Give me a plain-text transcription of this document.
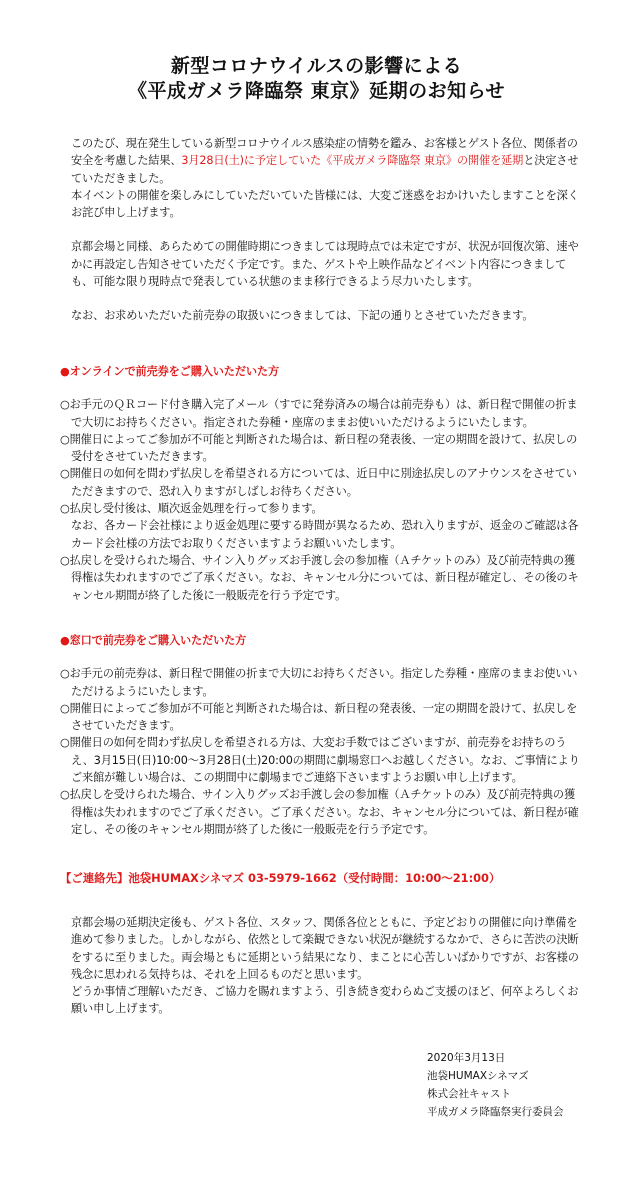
新型コロナウイルスの影響による
《平成ガメラ降臨祭 東京》延期のお知らせ

このたび、現在発生している新型コロナウイルス感染症の情勢を鑑み、お客様とゲスト各位、関係者の安全を考慮した結果、3月28日(土)に予定していた《平成ガメラ降臨祭 東京》の開催を延期と決定させていただきました。

本イベントの開催を楽しみにしていただいていた皆様には、大変ご迷惑をおかけいたしますことを深くお詫び申し上げます。

京都会場と同様、あらためての開催時期につきましては現時点では未定ですが、状況が回復次第、速やかに再設定し告知させていただく予定です。また、ゲストや上映作品などイベント内容につきましても、可能な限り現時点で発表している状態のまま移行できるよう尽力いたします。

なお、お求めいただいた前売券の取扱いにつきましては、下記の通りとさせていただきます。

●オンラインで前売券をご購入いただいた方

○お手元のＱＲコード付き購入完了メール（すでに発券済みの場合は前売券も）は、新日程で開催の折まで大切にお持ちください。指定された券種・座席のままお使いいただけるようにいたします。

○開催日によってご参加が不可能と判断された場合は、新日程の発表後、一定の期間を設けて、払戻しの受付をさせていただきます。

○開催日の如何を問わず払戻しを希望される方については、近日中に別途払戻しのアナウンスをさせていただきますので、恐れ入りますがしばしお待ちください。

○払戻し受付後は、順次返金処理を行って参ります。

なお、各カード会社様により返金処理に要する時間が異なるため、恐れ入りますが、返金のご確認は各カード会社様の方法でお取りくださいますようお願いいたします。

○払戻しを受けられた場合、サイン入りグッズお手渡し会の参加権（Ａチケットのみ）及び前売特典の獲得権は失われますのでご了承ください。なお、キャンセル分については、新日程が確定し、その後のキャンセル期間が終了した後に一般販売を行う予定です。

●窓口で前売券をご購入いただいた方

○お手元の前売券は、新日程で開催の折まで大切にお持ちください。指定した券種・座席のままお使いいただけるようにいたします。

○開催日によってご参加が不可能と判断された場合は、新日程の発表後、一定の期間を設けて、払戻しをさせていただきます。

○開催日の如何を問わず払戻しを希望される方は、大変お手数ではございますが、前売券をお持ちのうえ、3月15日(日)10:00〜3月28日(土)20:00の期間に劇場窓口へお越しください。なお、ご事情によりご来館が難しい場合は、この期間中に劇場までご連絡下さいますようお願い申し上げます。

○払戻しを受けられた場合、サイン入りグッズお手渡し会の参加権（Ａチケットのみ）及び前売特典の獲得権は失われますのでご了承ください。ご了承ください。なお、キャンセル分については、新日程が確定し、その後のキャンセル期間が終了した後に一般販売を行う予定です。

【ご連絡先】池袋HUMAXシネマズ 03-5979-1662（受付時間：10:00〜21:00）

京都会場の延期決定後も、ゲスト各位、スタッフ、関係各位とともに、予定どおりの開催に向け準備を進めて参りました。しかしながら、依然として楽観できない状況が継続するなかで、さらに苦渋の決断をするに至りました。両会場ともに延期という結果になり、まことに心苦しいばかりですが、お客様の残念に思われる気持ちは、それを上回るものだと思います。

どうか事情ご理解いただき、ご協力を賜れますよう、引き続き変わらぬご支援のほど、何卒よろしくお願い申し上げます。

2020年3月13日
池袋HUMAXシネマズ
株式会社キャスト
平成ガメラ降臨祭実行委員会
